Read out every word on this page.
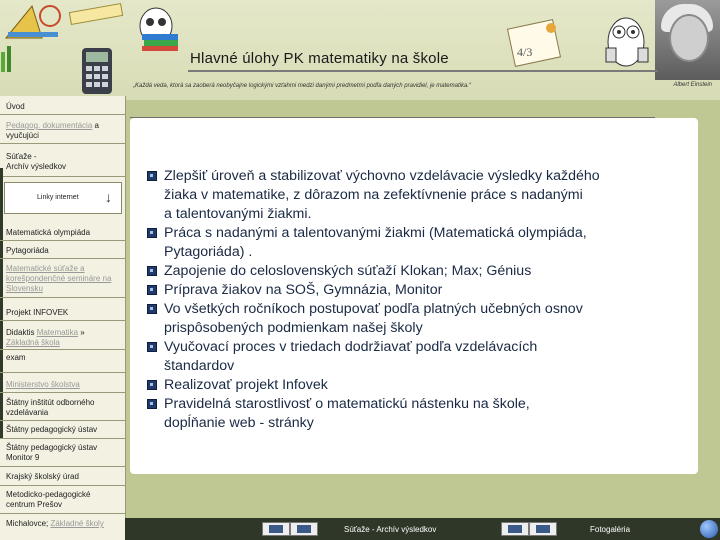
4/3
Hlavné úlohy PK matematiky na škole
„Každá veda, ktorá sa zaoberá neobyčajne logickými vzťahmi medzi danými predmetmi podľa daných pravidiel, je matematika.“	Albert Einstein
Úvod
Pedagog. dokumentácia a
vyučujúci
Súťaže -
Archív výsledkov
Linky internet ↓
Matematická olympiáda
Pytagoriáda
Matematické súťaže a korešpondenčné semináre na Slovensku
Projekt INFOVEK
Didaktis Matematika »
Základná škola
exam
Ministerstvo školstva
Štátny inštitút odborného vzdelávania
Štátny pedagogický ústav
Štátny pedagogický ústav Monitor 9
Krajský školský úrad
Metodicko-pedagogické centrum Prešov
Michalovce; Základné školy
Zlepšiť úroveň a stabilizovať výchovno vzdelávacie výsledky každého
žiaka v matematike, z dôrazom na zefektívnenie práce s nadanými
a talentovanými žiakmi.
Práca s nadanými a talentovanými žiakmi (Matematická olympiáda,
Pytagoriáda) .
Zapojenie do celoslovenských súťaží Klokan; Max; Génius
Príprava žiakov na SOŠ, Gymnázia, Monitor
Vo všetkých ročníkoch postupovať podľa platných učebných osnov
prispôsobených podmienkam našej školy
Vyučovací proces v triedach dodržiavať podľa vzdelávacích
štandardov
Realizovať projekt Infovek
Pravidelná starostlivosť o matematickú nástenku na škole,
dopĺňanie web - stránky
Súťaže - Archív výsledkov	Fotogaléria
